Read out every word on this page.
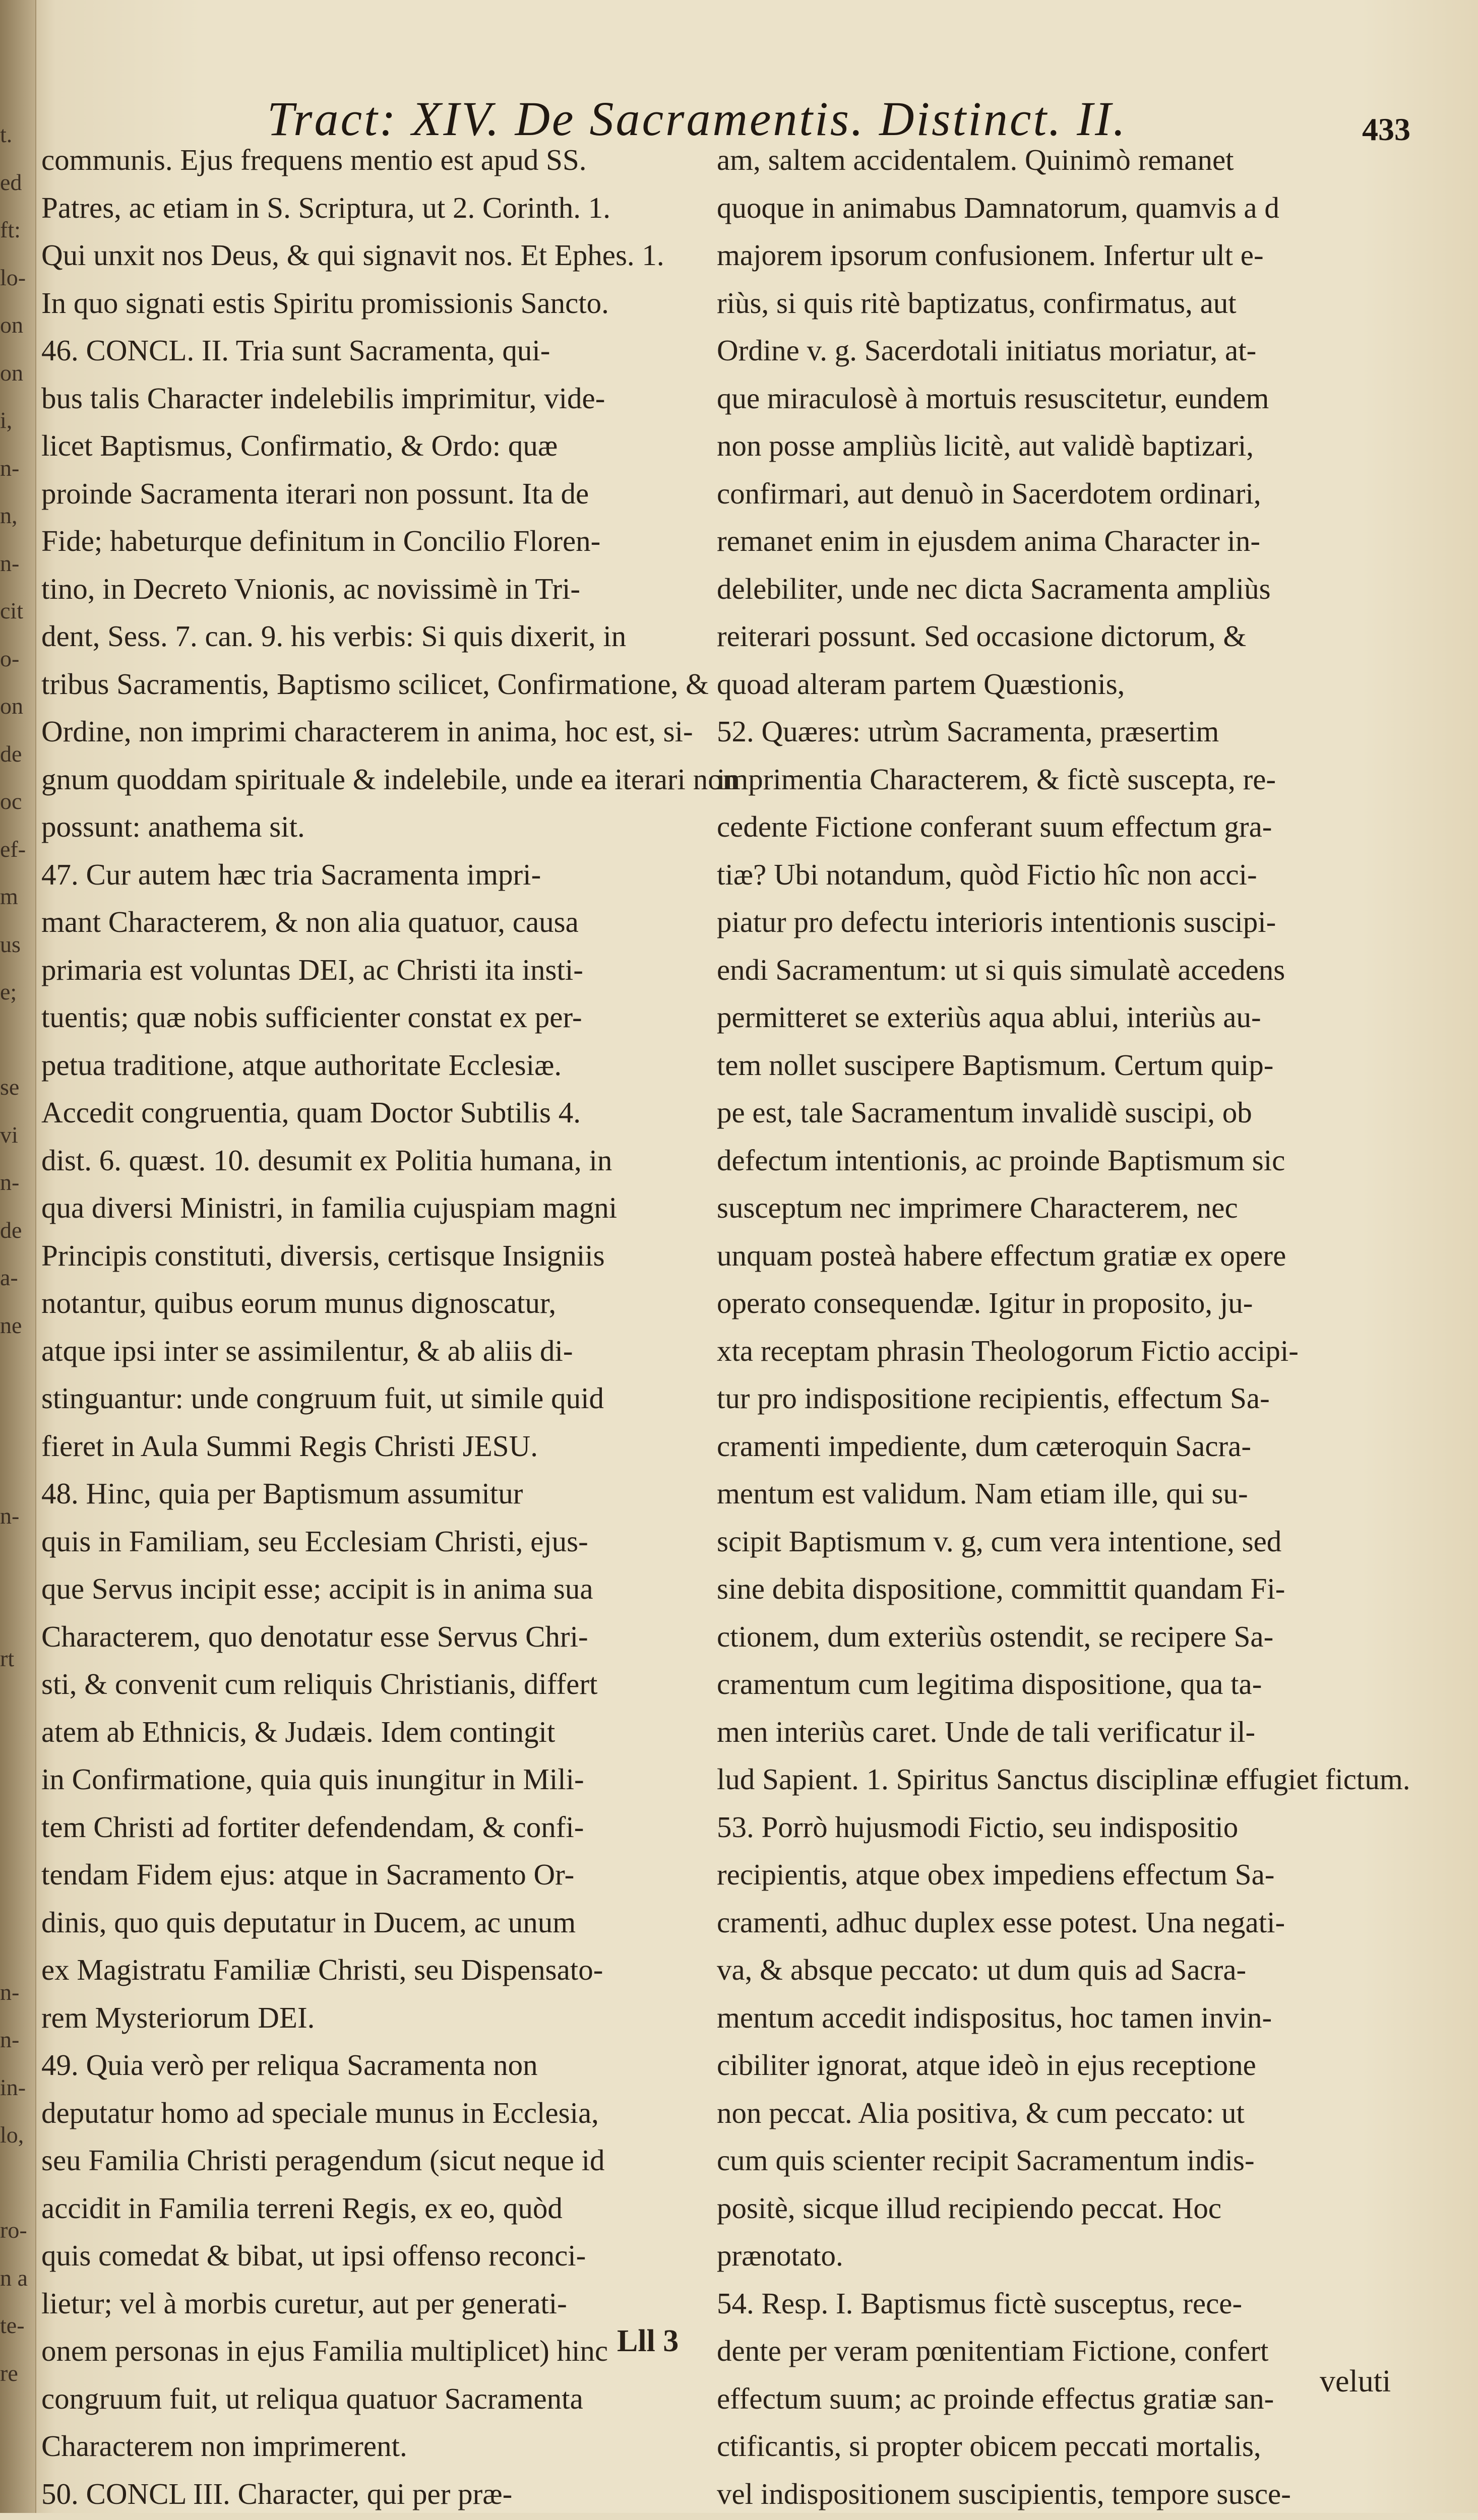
t.
ed
ft:
lo-
on
on
i,
n-
n,
n-
cit
o-
on
de
oc
ef-
m
us
e;

se
vi
n-
de
a-
ne

n-

rt

n-
n-
in-
lo,

ro-
n a
te-
re
Tract: XIV. De Sacramentis. Distinct. II.	433
communis. Ejus frequens mentio est apud SS.
Patres, ac etiam in S. Scriptura, ut 2. Corinth. 1.
Qui unxit nos Deus, & qui signavit nos. Et Ephes. 1.
In quo signati estis Spiritu promissionis Sancto.
46. CONCL. II. Tria sunt Sacramenta, qui-
bus talis Character indelebilis imprimitur, vide-
licet Baptismus, Confirmatio, & Ordo: quæ
proinde Sacramenta iterari non possunt. Ita de
Fide; habeturque definitum in Concilio Floren-
tino, in Decreto Vnionis, ac novissimè in Tri-
dent, Sess. 7. can. 9. his verbis: Si quis dixerit, in
tribus Sacramentis, Baptismo scilicet, Confirmatione, &
Ordine, non imprimi characterem in anima, hoc est, si-
gnum quoddam spirituale & indelebile, unde ea iterari non
possunt: anathema sit.
47. Cur autem hæc tria Sacramenta impri-
mant Characterem, & non alia quatuor, causa
primaria est voluntas DEI, ac Christi ita insti-
tuentis; quæ nobis sufficienter constat ex per-
petua traditione, atque authoritate Ecclesiæ.
Accedit congruentia, quam Doctor Subtilis 4.
dist. 6. quæst. 10. desumit ex Politia humana, in
qua diversi Ministri, in familia cujuspiam magni
Principis constituti, diversis, certisque Insigniis
notantur, quibus eorum munus dignoscatur,
atque ipsi inter se assimilentur, & ab aliis di-
stinguantur: unde congruum fuit, ut simile quid
fieret in Aula Summi Regis Christi JESU.
48. Hinc, quia per Baptismum assumitur
quis in Familiam, seu Ecclesiam Christi, ejus-
que Servus incipit esse; accipit is in anima sua
Characterem, quo denotatur esse Servus Chri-
sti, & convenit cum reliquis Christianis, differt
atem ab Ethnicis, & Judæis. Idem contingit
in Confirmatione, quia quis inungitur in Mili-
tem Christi ad fortiter defendendam, & confi-
tendam Fidem ejus: atque in Sacramento Or-
dinis, quo quis deputatur in Ducem, ac unum
ex Magistratu Familiæ Christi, seu Dispensato-
rem Mysteriorum DEI.
49. Quia verò per reliqua Sacramenta non
deputatur homo ad speciale munus in Ecclesia,
seu Familia Christi peragendum (sicut neque id
accidit in Familia terreni Regis, ex eo, quòd
quis comedat & bibat, ut ipsi offenso reconci-
lietur; vel à morbis curetur, aut per generati-
onem personas in ejus Familia multiplicet) hinc
congruum fuit, ut reliqua quatuor Sacramenta
Characterem non imprimerent.
50. CONCL III. Character, qui per præ-
am, saltem accidentalem. Quinimò remanet
quoque in animabus Damnatorum, quamvis a d
majorem ipsorum confusionem. Infertur ult e-
riùs, si quis ritè baptizatus, confirmatus, aut
Ordine v. g. Sacerdotali initiatus moriatur, at-
que miraculosè à mortuis resuscitetur, eundem
non posse ampliùs licitè, aut validè baptizari,
confirmari, aut denuò in Sacerdotem ordinari,
remanet enim in ejusdem anima Character in-
delebiliter, unde nec dicta Sacramenta ampliùs
reiterari possunt. Sed occasione dictorum, &
quoad alteram partem Quæstionis,
52. Quæres: utrùm Sacramenta, præsertim
imprimentia Characterem, & fictè suscepta, re-
cedente Fictione conferant suum effectum gra-
tiæ? Ubi notandum, quòd Fictio hîc non acci-
piatur pro defectu interioris intentionis suscipi-
endi Sacramentum: ut si quis simulatè accedens
permitteret se exteriùs aqua ablui, interiùs au-
tem nollet suscipere Baptismum. Certum quip-
pe est, tale Sacramentum invalidè suscipi, ob
defectum intentionis, ac proinde Baptismum sic
susceptum nec imprimere Characterem, nec
unquam posteà habere effectum gratiæ ex opere
operato consequendæ. Igitur in proposito, ju-
xta receptam phrasin Theologorum Fictio accipi-
tur pro indispositione recipientis, effectum Sa-
cramenti impediente, dum cæteroquin Sacra-
mentum est validum. Nam etiam ille, qui su-
scipit Baptismum v. g, cum vera intentione, sed
sine debita dispositione, committit quandam Fi-
ctionem, dum exteriùs ostendit, se recipere Sa-
cramentum cum legitima dispositione, qua ta-
men interiùs caret. Unde de tali verificatur il-
lud Sapient. 1. Spiritus Sanctus disciplinæ effugiet fictum.
53. Porrò hujusmodi Fictio, seu indispositio
recipientis, atque obex impediens effectum Sa-
cramenti, adhuc duplex esse potest. Una negati-
va, & absque peccato: ut dum quis ad Sacra-
mentum accedit indispositus, hoc tamen invin-
cibiliter ignorat, atque ideò in ejus receptione
non peccat. Alia positiva, & cum peccato: ut
cum quis scienter recipit Sacramentum indis-
positè, sicque illud recipiendo peccat. Hoc
prænotato.
54. Resp. I. Baptismus fictè susceptus, rece-
dente per veram pœnitentiam Fictione, confert
effectum suum; ac proinde effectus gratiæ san-
ctificantis, si propter obicem peccati mortalis,
vel indispositionem suscipientis, tempore susce-
Lll 3
veluti
